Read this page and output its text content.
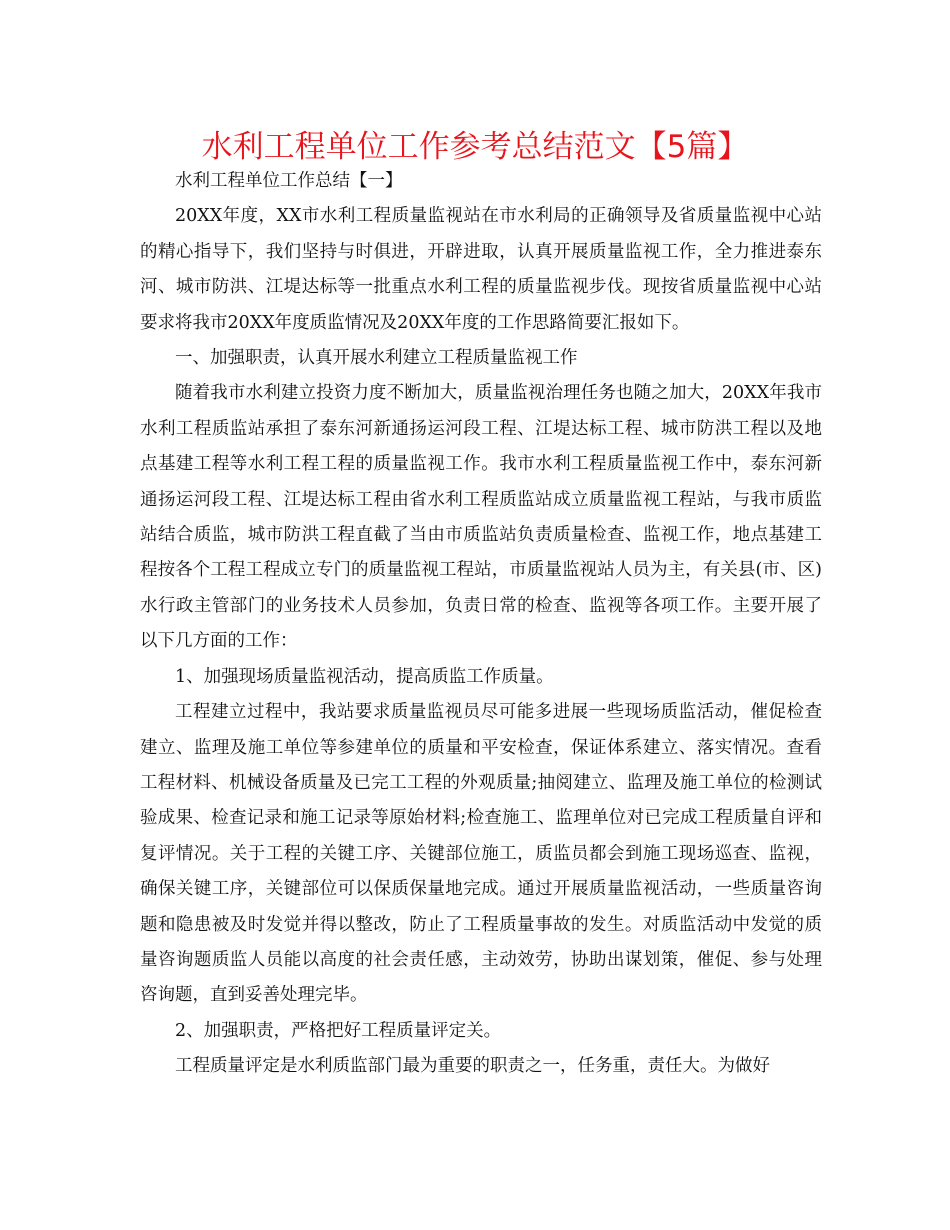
水利工程单位工作参考总结范文【5篇】

水利工程单位工作总结【一】

20XX年度，XX市水利工程质量监视站在市水利局的正确领导及省质量监视中心站的精心指导下，我们坚持与时俱进，开辟进取，认真开展质量监视工作，全力推进泰东河、城市防洪、江堤达标等一批重点水利工程的质量监视步伐。现按省质量监视中心站要求将我市20XX年度质监情况及20XX年度的工作思路简要汇报如下。

一、加强职责，认真开展水利建立工程质量监视工作

随着我市水利建立投资力度不断加大，质量监视治理任务也随之加大，20XX年我市水利工程质监站承担了泰东河新通扬运河段工程、江堤达标工程、城市防洪工程以及地点基建工程等水利工程工程的质量监视工作。我市水利工程质量监视工作中，泰东河新通扬运河段工程、江堤达标工程由省水利工程质监站成立质量监视工程站，与我市质监站结合质监，城市防洪工程直截了当由市质监站负责质量检查、监视工作，地点基建工程按各个工程工程成立专门的质量监视工程站，市质量监视站人员为主，有关县(市、区)水行政主管部门的业务技术人员参加，负责日常的检查、监视等各项工作。主要开展了以下几方面的工作：

1、加强现场质量监视活动，提高质监工作质量。

工程建立过程中，我站要求质量监视员尽可能多进展一些现场质监活动，催促检查建立、监理及施工单位等参建单位的质量和平安检查，保证体系建立、落实情况。查看工程材料、机械设备质量及已完工工程的外观质量;抽阅建立、监理及施工单位的检测试验成果、检查记录和施工记录等原始材料;检查施工、监理单位对已完成工程质量自评和复评情况。关于工程的关键工序、关键部位施工，质监员都会到施工现场巡查、监视，确保关键工序，关键部位可以保质保量地完成。通过开展质量监视活动，一些质量咨询题和隐患被及时发觉并得以整改，防止了工程质量事故的发生。对质监活动中发觉的质量咨询题质监人员能以高度的社会责任感，主动效劳，协助出谋划策，催促、参与处理咨询题，直到妥善处理完毕。

2、加强职责，严格把好工程质量评定关。

工程质量评定是水利质监部门最为重要的职责之一，任务重，责任大。为做好
